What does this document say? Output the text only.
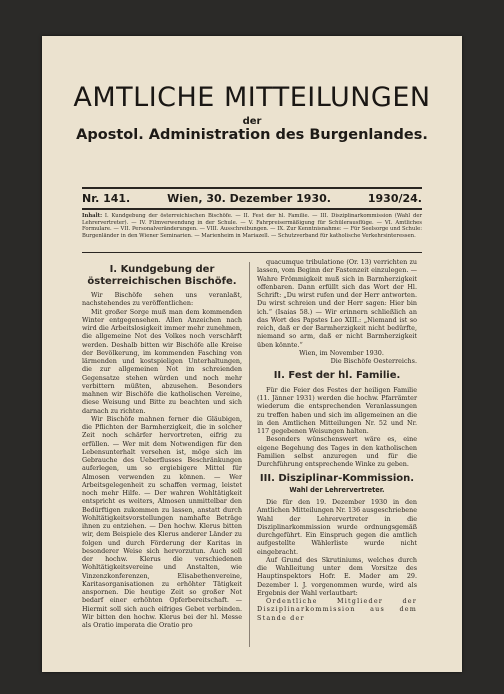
AMTLICHE MITTEILUNGEN
der
Apostol. Administration des Burgenlandes.
Nr. 141.	Wien, 30. Dezember 1930.	1930/24.
Inhalt: I. Kundgebung der österreichischen Bischöfe. — II. Fest der hl. Familie. — III. Disziplinarkommission (Wahl der Lehrervertreter). — IV. Filmverwendung in der Schule. — V. Fahrpreisermäßigung für Schülerausflüge. — VI. Amtliches Formulare. — VII. Personalveränderungen. — VIII. Ausschreibungen. — IX. Zur Kenntnisnahme: — Für Seelsorge und Schule: Burgenländer in den Wiener Seminarien. — Marienheim in Mariazell. — Schutzverband für katholische Verkehrsinteressen.
I. Kundgebung der österreichischen Bischöfe.

Wir Bischöfe sehen uns veranlaßt, nachstehendes zu veröffentlichen:

Mit großer Sorge muß man dem kommenden Winter entgegensehen. Allen Anzeichen nach wird die Arbeitslosigkeit immer mehr zunehmen, die allgemeine Not des Volkes noch verschärft werden. Deshalb bitten wir Bischöfe alle Kreise der Bevölkerung, im kommenden Fasching von lärmenden und kostspieligen Unterhaltungen, die zur allgemeinen Not im schreienden Gegensatze stehen würden und noch mehr verbittern müßten, abzusehen. Besonders mahnen wir Bischöfe die katholischen Vereine, diese Weisung und Bitte zu beachten und sich darnach zu richten.

Wir Bischöfe mahnen ferner die Gläubigen, die Pflichten der Barmherzigkeit, die in solcher Zeit noch schärfer hervortreten, eifrig zu erfüllen. — Wer mit dem Notwendigen für den Lebensunterhalt versehen ist, möge sich im Gebrauche des Ueberflusses Beschränkungen auferlegen, um so ergiebigere Mittel für Almosen verwenden zu können. — Wer Arbeitsgelegenheit zu schaffen vermag, leistet noch mehr Hilfe. — Der wahren Wohltätigkeit entspricht es weiters, Almosen unmittelbar den Bedürftigen zukommen zu lassen, anstatt durch Wohltätigkeitsvorstellungen namhafte Beträge ihnen zu entziehen. — Den hochw. Klerus bitten wir, dem Beispiele des Klerus anderer Länder zu folgen und durch Förderung der Karitas in besonderer Weise sich hervorzutun. Auch soll der hochw. Klerus die verschiedenen Wohltätigkeitsvereine und Anstalten, wie Vinzenzkonferenzen, Elisabethenvereine, Karitasorganisationen zu erhöhter Tätigkeit anspornen. Die heutige Zeit so großer Not bedarf einer erhöhten Opferbereitschaft. — Hiermit soll sich auch eifriges Gebet verbinden. Wir bitten den hochw. Klerus bei der hl. Messe als Oratio imperata die Oratio pro

quacumque tribulatione (Or. 13) verrichten zu lassen, vom Beginn der Fastenzeit einzulegen. — Wahre Frömmigkeit muß sich in Barmherzigkeit offenbaren. Dann erfüllt sich das Wort der Hl. Schrift: „Du wirst rufen und der Herr antworten. Du wirst schreien und der Herr sagen: Hier bin ich.“ (Isaias 58.) — Wir erinnern schließlich an das Wort des Papstes Leo XIII.: „Niemand ist so reich, daß er der Barmherzigkeit nicht bedürfte, niemand so arm, daß er nicht Barmherzigkeit üben könnte.“

Wien, im November 1930.

Die Bischöfe Oesterreichs.

II. Fest der hl. Familie.

Für die Feier des Festes der heiligen Familie (11. Jänner 1931) werden die hochw. Pfarrämter wiederum die entsprechenden Veranlassungen zu treffen haben und sich im allgemeinen an die in den Amtlichen Mitteilungen Nr. 52 und Nr. 117 gegebenen Weisungen halten.

Besonders wünschenswert wäre es, eine eigene Begehung des Tages in den katholischen Familien selbst anzuregen und für die Durchführung entsprechende Winke zu geben.

III. Disziplinar-Kommission.
Wahl der Lehrervertreter.

Die für den 19. Dezember 1930 in den Amtlichen Mitteilungen Nr. 136 ausgeschriebene Wahl der Lehrervertreter in die Disziplinarkommission wurde ordnungsgemäß durchgeführt. Ein Einspruch gegen die amtlich aufgestellte Wählerliste wurde nicht eingebracht.

Auf Grund des Skrutiniums, welches durch die Wahlleitung unter dem Vorsitze des Hauptinspektors Hofr. E. Mader am 29. Dezember l. J. vorgenommen wurde, wird als Ergebnis der Wahl verlautbart:

Ordentliche Mitglieder der Disziplinarkommission aus dem Stande der
